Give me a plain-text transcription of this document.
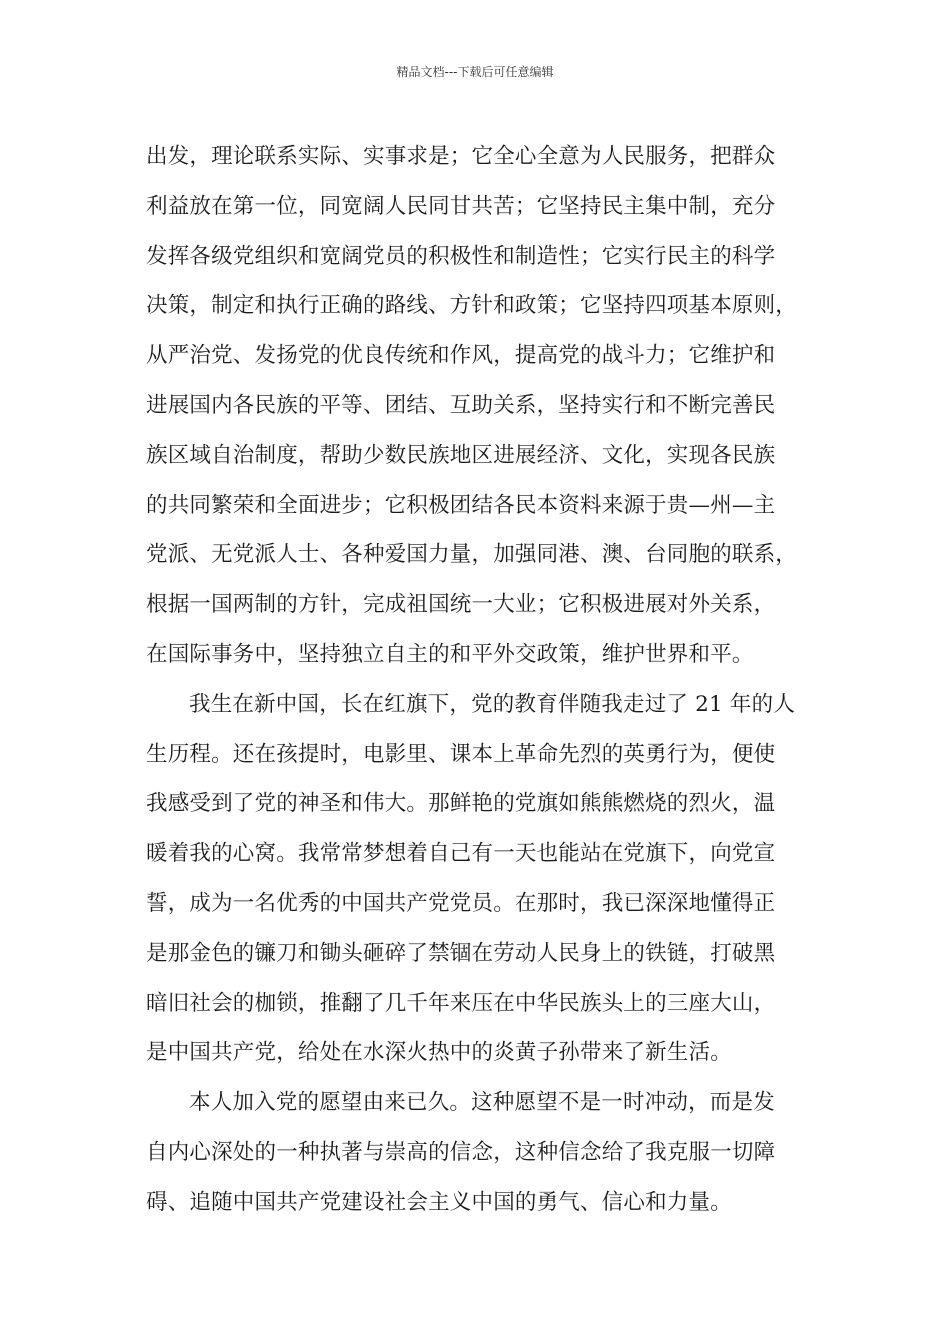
精品文档---下载后可任意编辑
出发，理论联系实际、实事求是；它全心全意为人民服务，把群众
利益放在第一位，同宽阔人民同甘共苦；它坚持民主集中制，充分
发挥各级党组织和宽阔党员的积极性和制造性；它实行民主的科学
决策，制定和执行正确的路线、方针和政策；它坚持四项基本原则，
从严治党、发扬党的优良传统和作风，提高党的战斗力；它维护和
进展国内各民族的平等、团结、互助关系，坚持实行和不断完善民
族区域自治制度，帮助少数民族地区进展经济、文化，实现各民族
的共同繁荣和全面进步；它积极团结各民本资料来源于贵—州—主
党派、无党派人士、各种爱国力量，加强同港、澳、台同胞的联系，
根据一国两制的方针，完成祖国统一大业；它积极进展对外关系，
在国际事务中，坚持独立自主的和平外交政策，维护世界和平。
我生在新中国，长在红旗下，党的教育伴随我走过了 21 年的人
生历程。还在孩提时，电影里、课本上革命先烈的英勇行为，便使
我感受到了党的神圣和伟大。那鲜艳的党旗如熊熊燃烧的烈火，温
暖着我的心窝。我常常梦想着自己有一天也能站在党旗下，向党宣
誓，成为一名优秀的中国共产党党员。在那时，我已深深地懂得正
是那金色的镰刀和锄头砸碎了禁锢在劳动人民身上的铁链，打破黑
暗旧社会的枷锁，推翻了几千年来压在中华民族头上的三座大山，
是中国共产党，给处在水深火热中的炎黄子孙带来了新生活。
本人加入党的愿望由来已久。这种愿望不是一时冲动，而是发
自内心深处的一种执著与崇高的信念，这种信念给了我克服一切障
碍、追随中国共产党建设社会主义中国的勇气、信心和力量。
